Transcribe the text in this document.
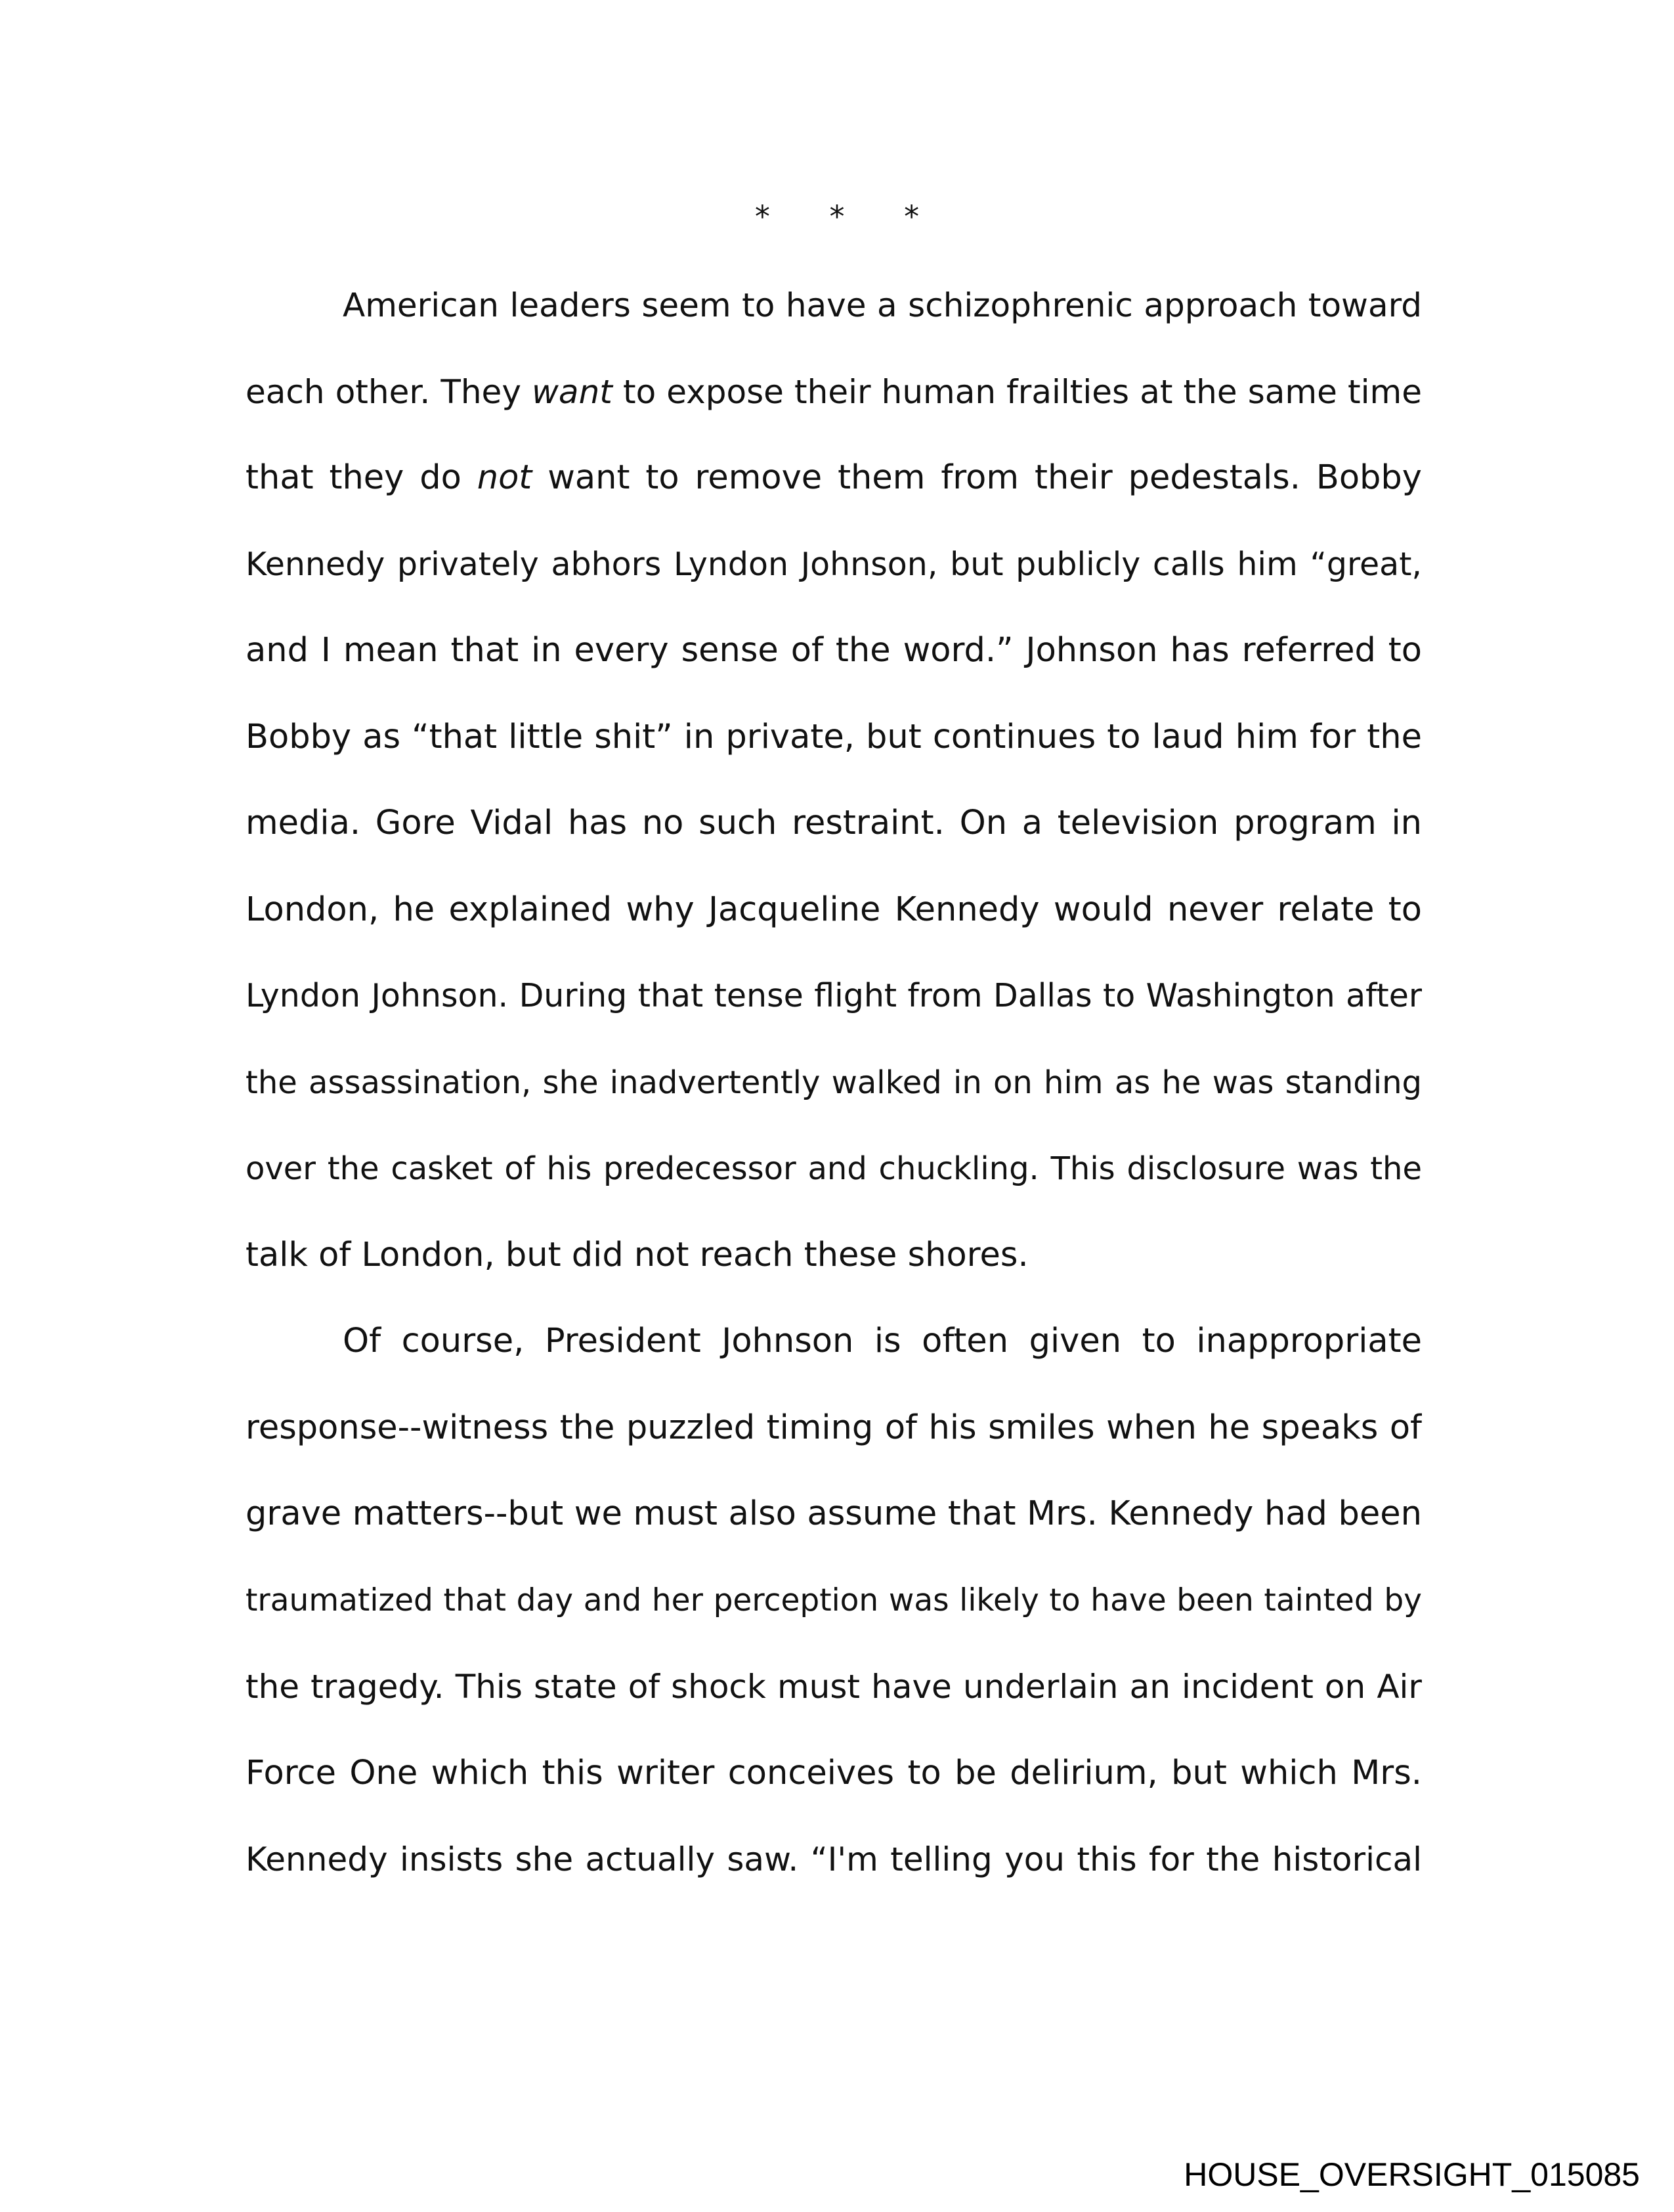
* * *
American leaders seem to have a schizophrenic approach toward
each other. They want to expose their human frailties at the same time
that they do not want to remove them from their pedestals. Bobby
Kennedy privately abhors Lyndon Johnson, but publicly calls him “great,
and I mean that in every sense of the word.” Johnson has referred to
Bobby as “that little shit” in private, but continues to laud him for the
media. Gore Vidal has no such restraint. On a television program in
London, he explained why Jacqueline Kennedy would never relate to
Lyndon Johnson. During that tense flight from Dallas to Washington after
the assassination, she inadvertently walked in on him as he was standing
over the casket of his predecessor and chuckling. This disclosure was the
talk of London, but did not reach these shores.
Of course, President Johnson is often given to inappropriate
response--witness the puzzled timing of his smiles when he speaks of
grave matters--but we must also assume that Mrs. Kennedy had been
traumatized that day and her perception was likely to have been tainted by
the tragedy. This state of shock must have underlain an incident on Air
Force One which this writer conceives to be delirium, but which Mrs.
Kennedy insists she actually saw. “I'm telling you this for the historical
HOUSE_OVERSIGHT_015085
